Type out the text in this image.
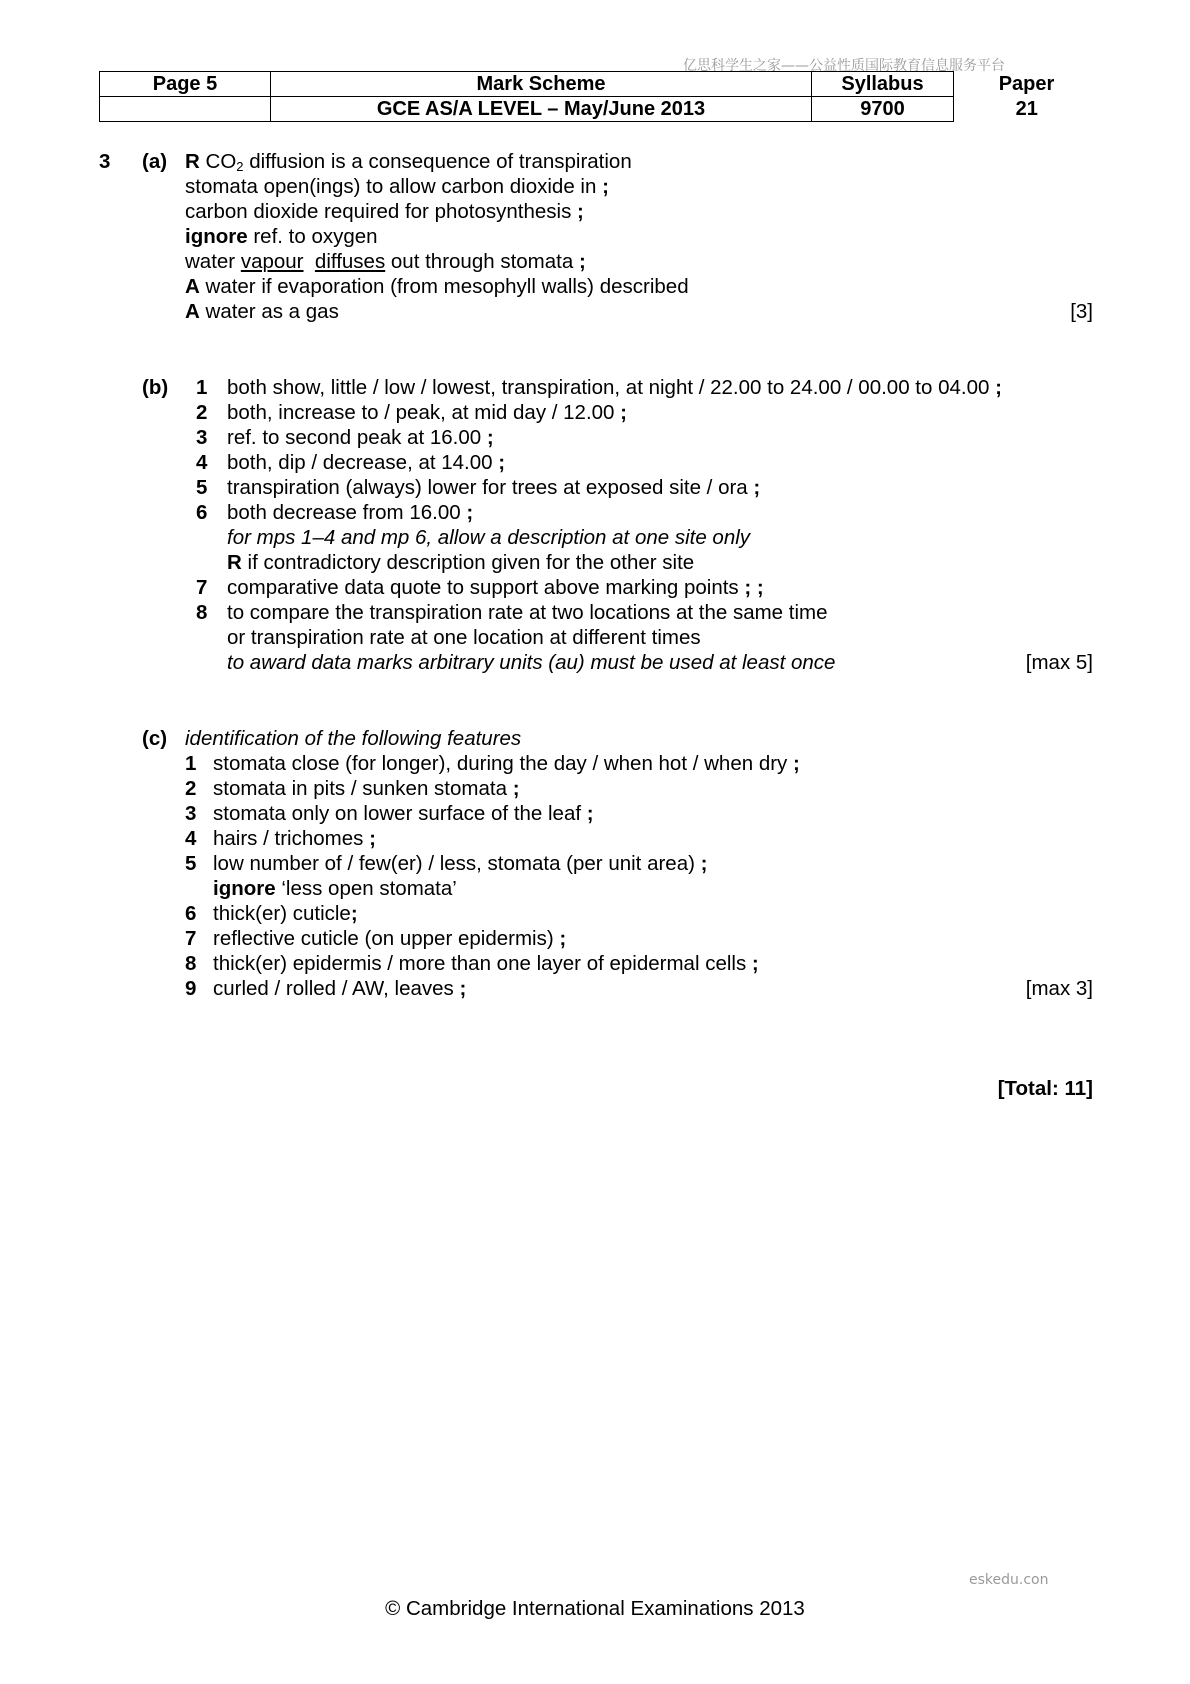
亿思科学生之家——公益性质国际教育信息服务平台
Page 5	Mark Scheme	Syllabus	Paper
	GCE AS/A LEVEL – May/June 2013	9700	21
3 (a) R $CO_2$ diffusion is a consequence of transpiration
stomata open(ings) to allow carbon dioxide in ;
carbon dioxide required for photosynthesis ;
ignore ref. to oxygen
water vapour diffuses out through stomata ;
A water if evaporation (from mesophyll walls) described
A water as a gas	[3]
(b) 1 both show, little / low / lowest, transpiration, at night / 22.00 to 24.00 / 00.00 to 04.00 ;
2 both, increase to / peak, at mid day / 12.00 ;
3 ref. to second peak at 16.00 ;
4 both, dip / decrease, at 14.00 ;
5 transpiration (always) lower for trees at exposed site / ora ;
6 both decrease from 16.00 ;
for mps 1–4 and mp 6, allow a description at one site only
R if contradictory description given for the other site
7 comparative data quote to support above marking points ; ;
8 to compare the transpiration rate at two locations at the same time
or transpiration rate at one location at different times
to award data marks arbitrary units (au) must be used at least once	[max 5]
(c) identification of the following features
1 stomata close (for longer), during the day / when hot / when dry ;
2 stomata in pits / sunken stomata ;
3 stomata only on lower surface of the leaf ;
4 hairs / trichomes ;
5 low number of / few(er) / less, stomata (per unit area) ;
ignore ‘less open stomata’
6 thick(er) cuticle;
7 reflective cuticle (on upper epidermis) ;
8 thick(er) epidermis / more than one layer of epidermal cells ;
9 curled / rolled / AW, leaves ;	[max 3]
[Total: 11]
eskedu.con
© Cambridge International Examinations 2013
